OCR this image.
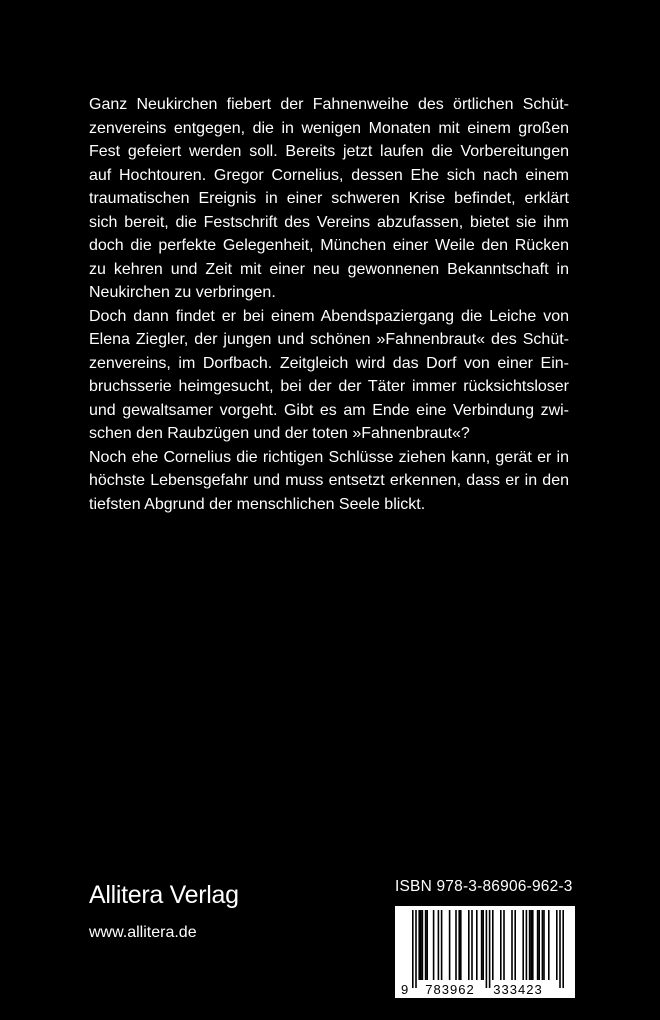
Ganz Neukirchen fiebert der Fahnenweihe des örtlichen Schützenvereins entgegen, die in wenigen Monaten mit einem großen Fest gefeiert werden soll. Bereits jetzt laufen die Vorbereitungen auf Hochtouren. Gregor Cornelius, dessen Ehe sich nach einem traumatischen Ereignis in einer schweren Krise befindet, erklärt sich bereit, die Festschrift des Vereins abzufassen, bietet sie ihm doch die perfekte Gelegenheit, München einer Weile den Rücken zu kehren und Zeit mit einer neu gewonnenen Bekanntschaft in Neukirchen zu verbringen.

Doch dann findet er bei einem Abendspaziergang die Leiche von Elena Ziegler, der jungen und schönen »Fahnenbraut« des Schützenvereins, im Dorfbach. Zeitgleich wird das Dorf von einer Einbruchsserie heimgesucht, bei der der Täter immer rücksichtsloser und gewaltsamer vorgeht. Gibt es am Ende eine Verbindung zwischen den Raubzügen und der toten »Fahnenbraut«?

Noch ehe Cornelius die richtigen Schlüsse ziehen kann, gerät er in höchste Lebensgefahr und muss entsetzt erkennen, dass er in den tiefsten Abgrund der menschlichen Seele blickt.

Allitera Verlag
www.allitera.de
ISBN 978-3-86906-962-3
9 783962 333423
